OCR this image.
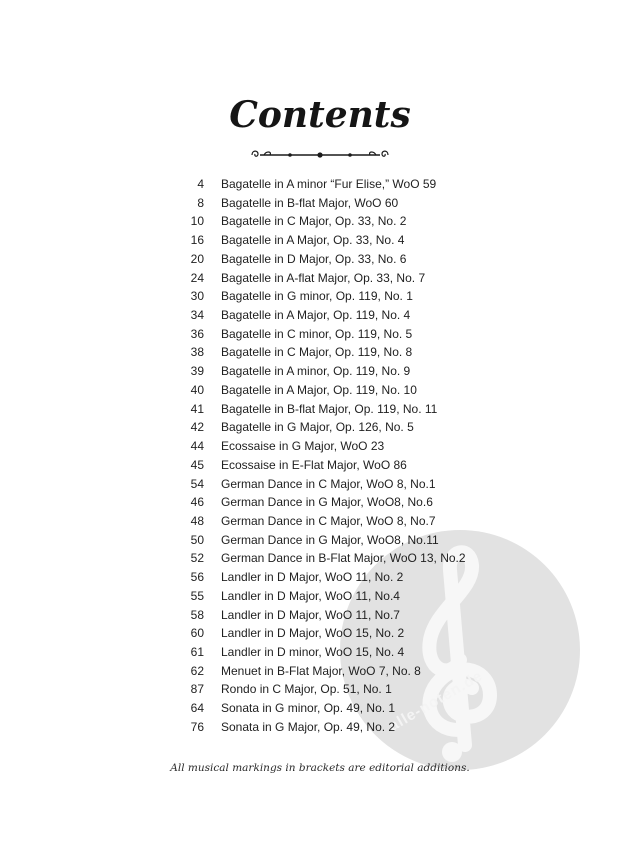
alle-noten.de
Contents
4 Bagatelle in A minor “Fur Elise,” WoO 59
8 Bagatelle in B-flat Major, WoO 60
10 Bagatelle in C Major, Op. 33, No. 2
16 Bagatelle in A Major, Op. 33, No. 4
20 Bagatelle in D Major, Op. 33, No. 6
24 Bagatelle in A-flat Major, Op. 33, No. 7
30 Bagatelle in G minor, Op. 119, No. 1
34 Bagatelle in A Major, Op. 119, No. 4
36 Bagatelle in C minor, Op. 119, No. 5
38 Bagatelle in C Major, Op. 119, No. 8
39 Bagatelle in A minor, Op. 119, No. 9
40 Bagatelle in A Major, Op. 119, No. 10
41 Bagatelle in B-flat Major, Op. 119, No. 11
42 Bagatelle in G Major, Op. 126, No. 5
44 Ecossaise in G Major, WoO 23
45 Ecossaise in E-Flat Major, WoO 86
54 German Dance in C Major, WoO 8, No.1
46 German Dance in G Major, WoO8, No.6
48 German Dance in C Major, WoO 8, No.7
50 German Dance in G Major, WoO8, No.11
52 German Dance in B-Flat Major, WoO 13, No.2
56 Landler in D Major, WoO 11, No. 2
55 Landler in D Major, WoO 11, No.4
58 Landler in D Major, WoO 11, No.7
60 Landler in D Major, WoO 15, No. 2
61 Landler in D minor, WoO 15, No. 4
62 Menuet in B-Flat Major, WoO 7, No. 8
87 Rondo in C Major, Op. 51, No. 1
64 Sonata in G minor, Op. 49, No. 1
76 Sonata in G Major, Op. 49, No. 2
All musical markings in brackets are editorial additions.
